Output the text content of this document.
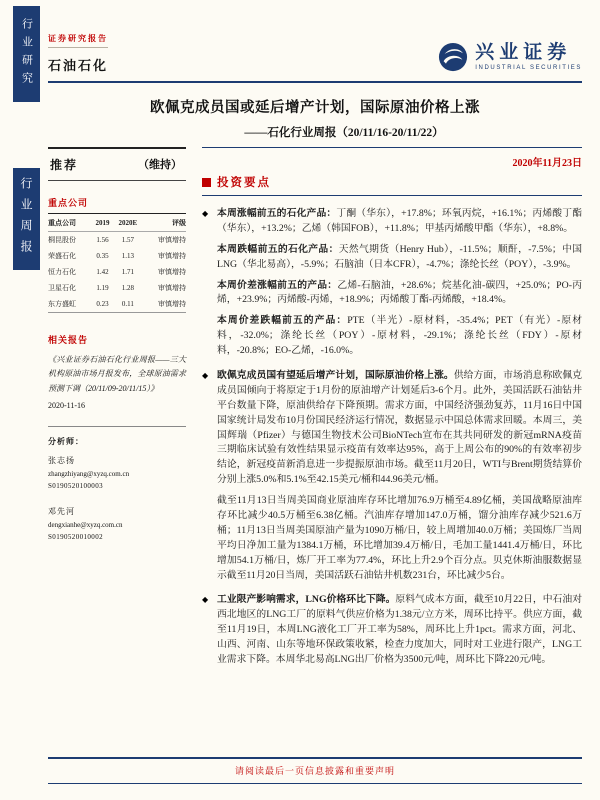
行业研究
行业周报
证券研究报告
石油石化
兴业证券
INDUSTRIAL SECURITIES
欧佩克成员国或延后增产计划，国际原油价格上涨
——石化行业周报（20/11/16-20/11/22）
推荐	（维持）
重点公司
重点公司	2019	2020E	评级
桐昆股份	1.56	1.57	审慎增持
荣盛石化	0.35	1.13	审慎增持
恒力石化	1.42	1.71	审慎增持
卫星石化	1.19	1.28	审慎增持
东方盛虹	0.23	0.11	审慎增持
相关报告
《兴业证券石油石化行业周报——三大机构原油市场月报发布，全球原油需求预测下调（20/11/09-20/11/15）》
2020-11-16
分析师：
张志扬
zhangzhiyang@xyzq.com.cn
S0190520100003
邓先河
dengxianhe@xyzq.com.cn
S0190520010002
2020年11月23日
投资要点
◆ 本周涨幅前五的石化产品：丁酮（华东），+17.8%；环氧丙烷，+16.1%；丙烯酸丁酯（华东），+13.2%；乙烯（韩国FOB），+11.8%；甲基丙烯酸甲酯（华东），+8.8%。

本周跌幅前五的石化产品：天然气期货（Henry Hub），-11.5%；顺酐，-7.5%；中国LNG（华北易高），-5.9%；石脑油（日本CFR），-4.7%；涤纶长丝（POY），-3.9%。

本周价差涨幅前五的产品：乙烯-石脑油，+28.6%；烷基化油-碳四，+25.0%；PO-丙烯，+23.9%；丙烯酸-丙烯，+18.9%；丙烯酸丁酯-丙烯酸，+18.4%。

本周价差跌幅前五的产品：PTE（半光）-原材料，-35.4%；PET（有光）-原材料，-32.0%；涤纶长丝（POY）-原材料，-29.1%；涤纶长丝（FDY）-原材料，-20.8%；EO-乙烯，-16.0%。

◆ 欧佩克成员国有望延后增产计划，国际原油价格上涨。供给方面，市场消息称欧佩克成员国倾向于将原定于1月份的原油增产计划延后3-6个月。此外，美国活跃石油钻井平台数量下降，原油供给存下降预期。需求方面，中国经济强劲复苏，11月16日中国国家统计局发布10月份国民经济运行情况，数据显示中国总体需求回暖。本周三，美国辉瑞（Pfizer）与德国生物技术公司BioNTech宣布在其共同研发的新冠mRNA疫苗三期临床试验有效性结果显示疫苗有效率达95%，高于上周公布的90%的有效率初步结论，新冠疫苗新消息进一步提振原油市场。截至11月20日，WTI与Brent期货结算价分别上涨5.0%和5.1%至42.15美元/桶和44.96美元/桶。

截至11月13日当周美国商业原油库存环比增加76.9万桶至4.89亿桶，美国战略原油库存环比减少40.5万桶至6.38亿桶。汽油库存增加147.0万桶，馏分油库存减少521.6万桶；11月13日当周美国原油产量为1090万桶/日，较上周增加40.0万桶；美国炼厂当周平均日净加工量为1384.1万桶，环比增加39.4万桶/日，毛加工量1441.4万桶/日，环比增加54.1万桶/日，炼厂开工率为77.4%，环比上升2.9个百分点。贝克休斯油服数据显示截至11月20日当周，美国活跃石油钻井机数231台，环比减少5台。

◆ 工业限产影响需求，LNG价格环比下降。原料气成本方面，截至10月22日，中石油对西北地区的LNG工厂的原料气供应价格为1.38元/立方米，周环比持平。供应方面，截至11月19日，本周LNG液化工厂开工率为58%，周环比上升1pct。需求方面，河北、山西、河南、山东等地环保政策收紧，检查力度加大，同时对工业进行限产，LNG工业需求下降。本周华北易高LNG出厂价格为3500元/吨，周环比下降220元/吨。

请阅读最后一页信息披露和重要声明
